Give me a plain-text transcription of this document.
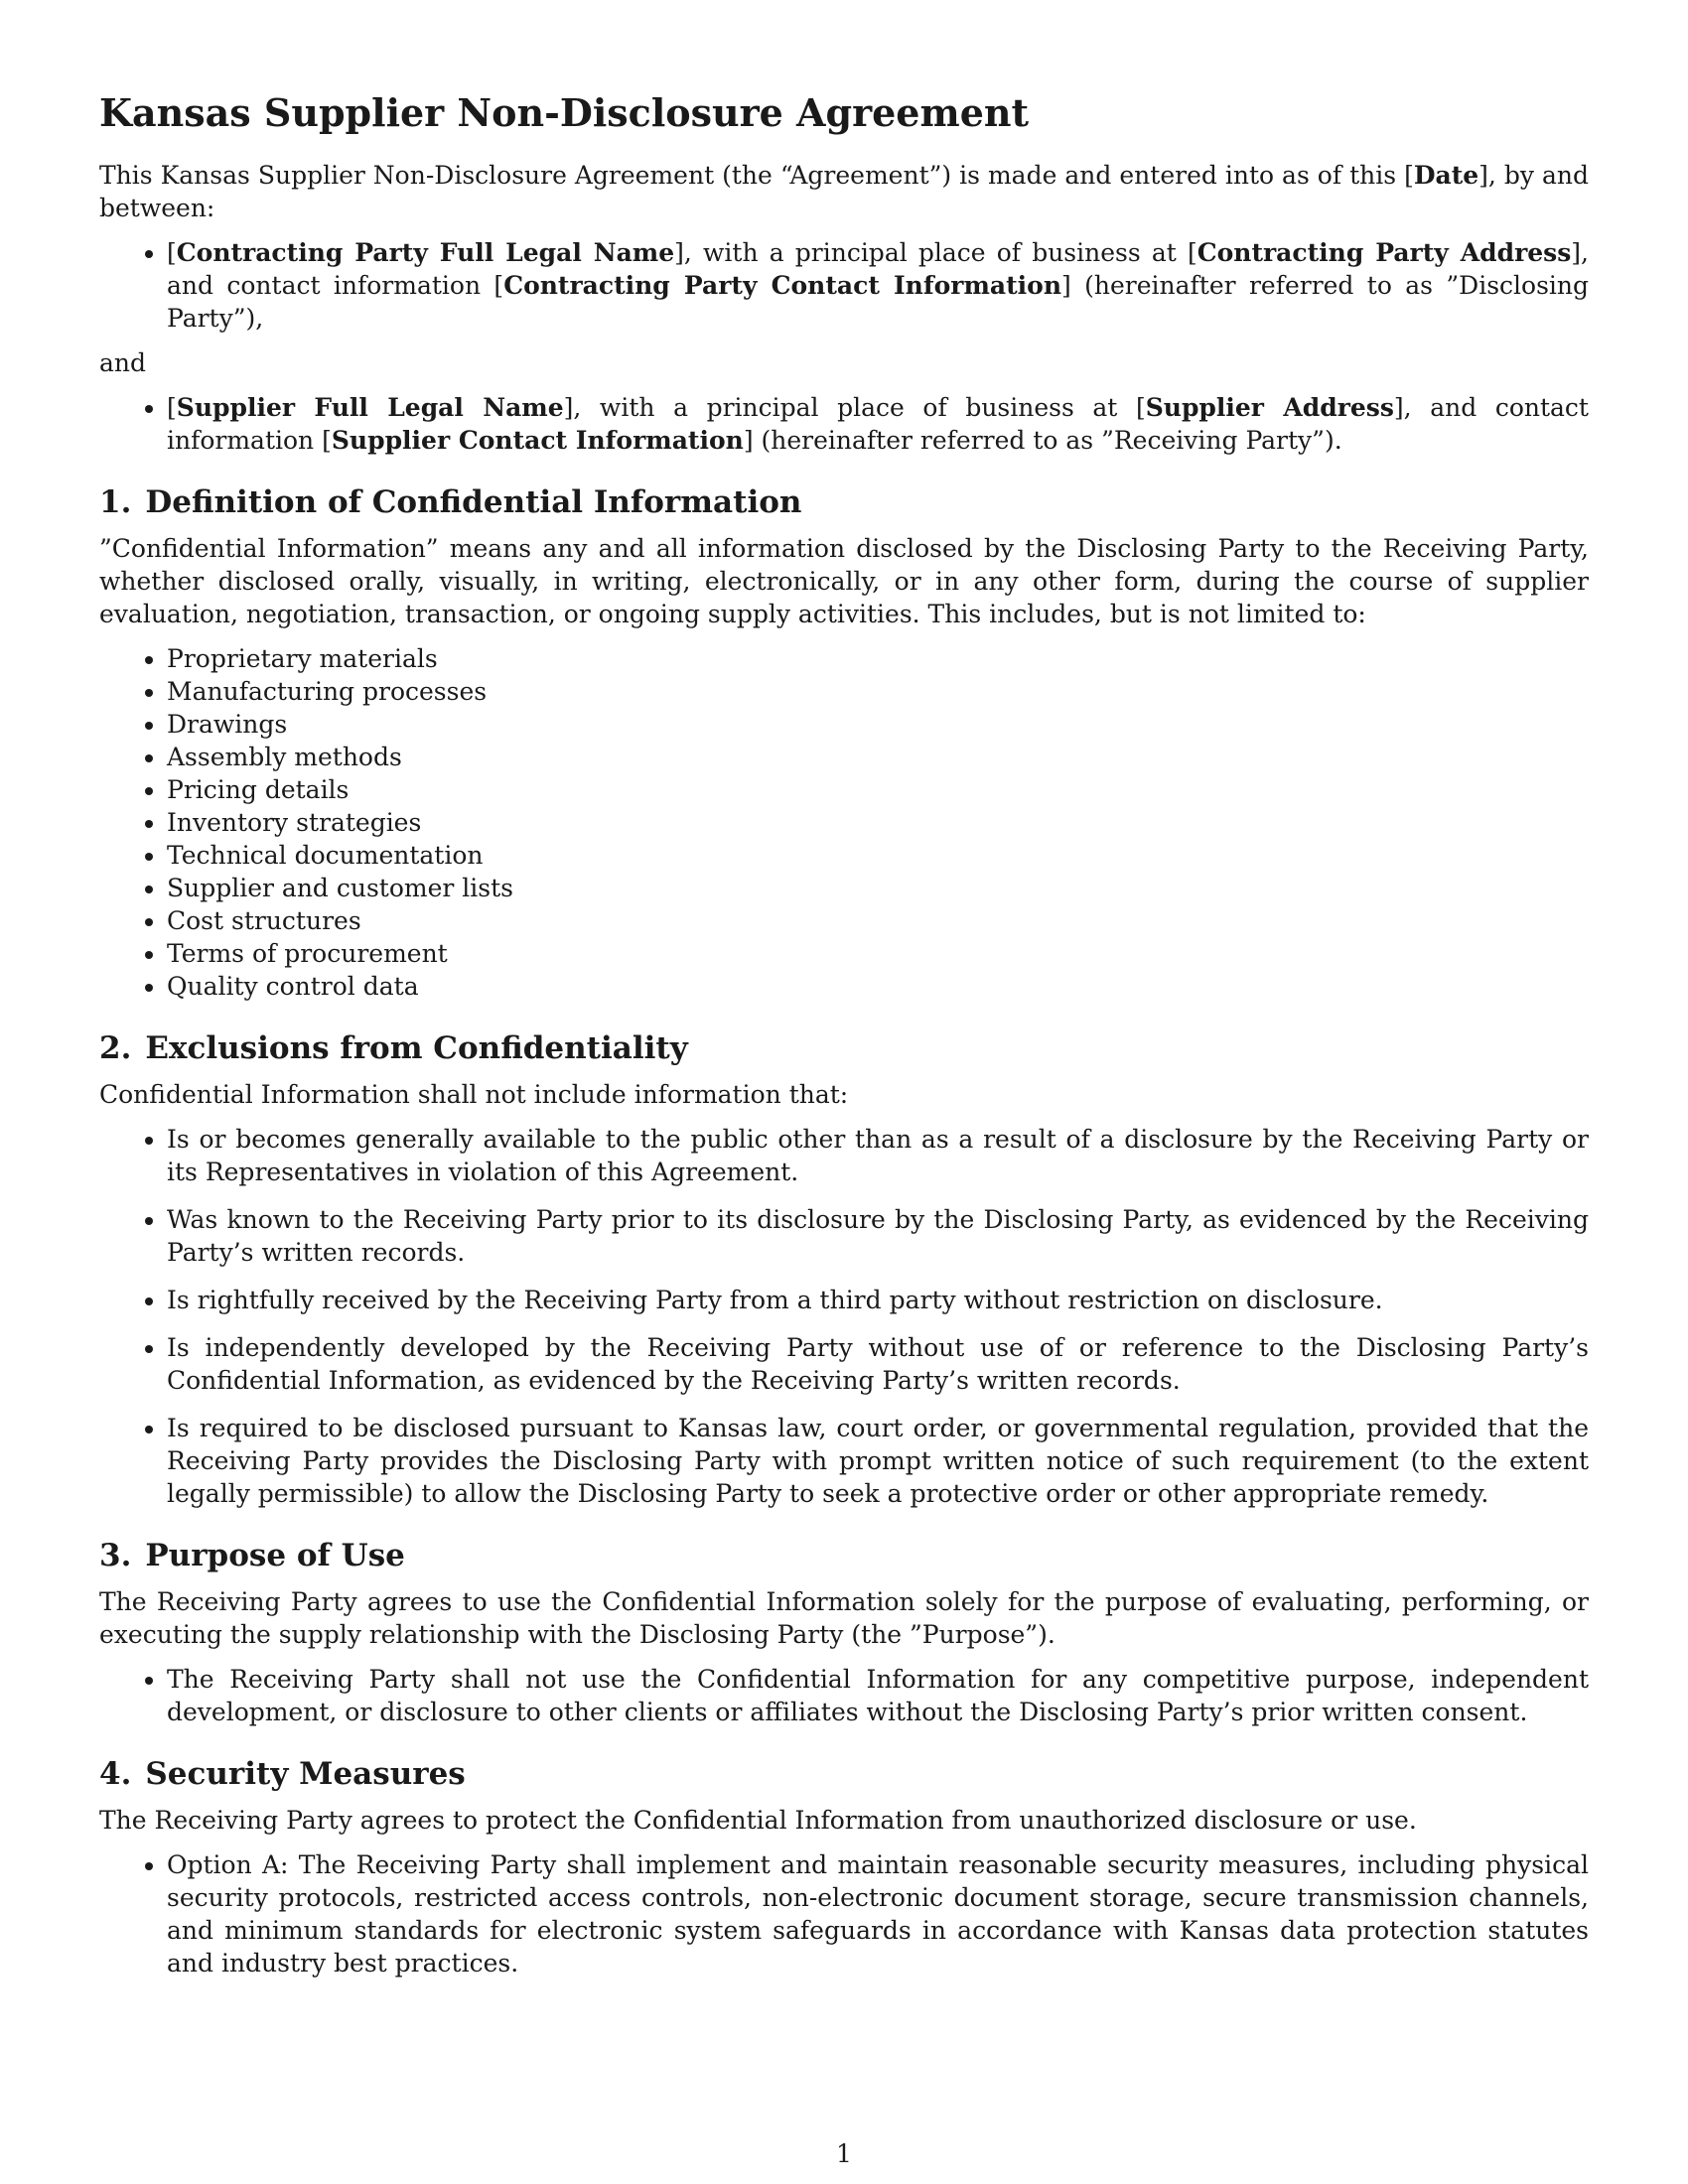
Kansas Supplier Non-Disclosure Agreement

This Kansas Supplier Non-Disclosure Agreement (the “Agreement”) is made and entered into as of this [Date], by and between:

• [Contracting Party Full Legal Name], with a principal place of business at [Contracting Party Address], and contact information [Contracting Party Contact Information] (hereinafter referred to as ”Disclosing Party”),
and
• [Supplier Full Legal Name], with a principal place of business at [Supplier Address], and contact information [Supplier Contact Information] (hereinafter referred to as ”Receiving Party”).
1. Definition of Confidential Information

”Confidential Information” means any and all information disclosed by the Disclosing Party to the Receiving Party, whether disclosed orally, visually, in writing, electronically, or in any other form, during the course of supplier evaluation, negotiation, transaction, or ongoing supply activities. This includes, but is not limited to:

• Proprietary materials
• Manufacturing processes
• Drawings
• Assembly methods
• Pricing details
• Inventory strategies
• Technical documentation
• Supplier and customer lists
• Cost structures
• Terms of procurement
• Quality control data
2. Exclusions from Confidentiality

Confidential Information shall not include information that:

• Is or becomes generally available to the public other than as a result of a disclosure by the Receiving Party or its Representatives in violation of this Agreement.
• Was known to the Receiving Party prior to its disclosure by the Disclosing Party, as evidenced by the Receiving Party’s written records.
• Is rightfully received by the Receiving Party from a third party without restriction on disclosure.
• Is independently developed by the Receiving Party without use of or reference to the Disclosing Party’s Confidential Information, as evidenced by the Receiving Party’s written records.
• Is required to be disclosed pursuant to Kansas law, court order, or governmental regulation, provided that the Receiving Party provides the Disclosing Party with prompt written notice of such requirement (to the extent legally permissible) to allow the Disclosing Party to seek a protective order or other appropriate remedy.
3. Purpose of Use

The Receiving Party agrees to use the Confidential Information solely for the purpose of evaluating, performing, or executing the supply relationship with the Disclosing Party (the ”Purpose”).

• The Receiving Party shall not use the Confidential Information for any competitive purpose, independent development, or disclosure to other clients or affiliates without the Disclosing Party’s prior written consent.
4. Security Measures

The Receiving Party agrees to protect the Confidential Information from unauthorized disclosure or use.

• Option A: The Receiving Party shall implement and maintain reasonable security measures, including physical security protocols, restricted access controls, non-electronic document storage, secure transmission channels, and minimum standards for electronic system safeguards in accordance with Kansas data protection statutes and industry best practices.
1
